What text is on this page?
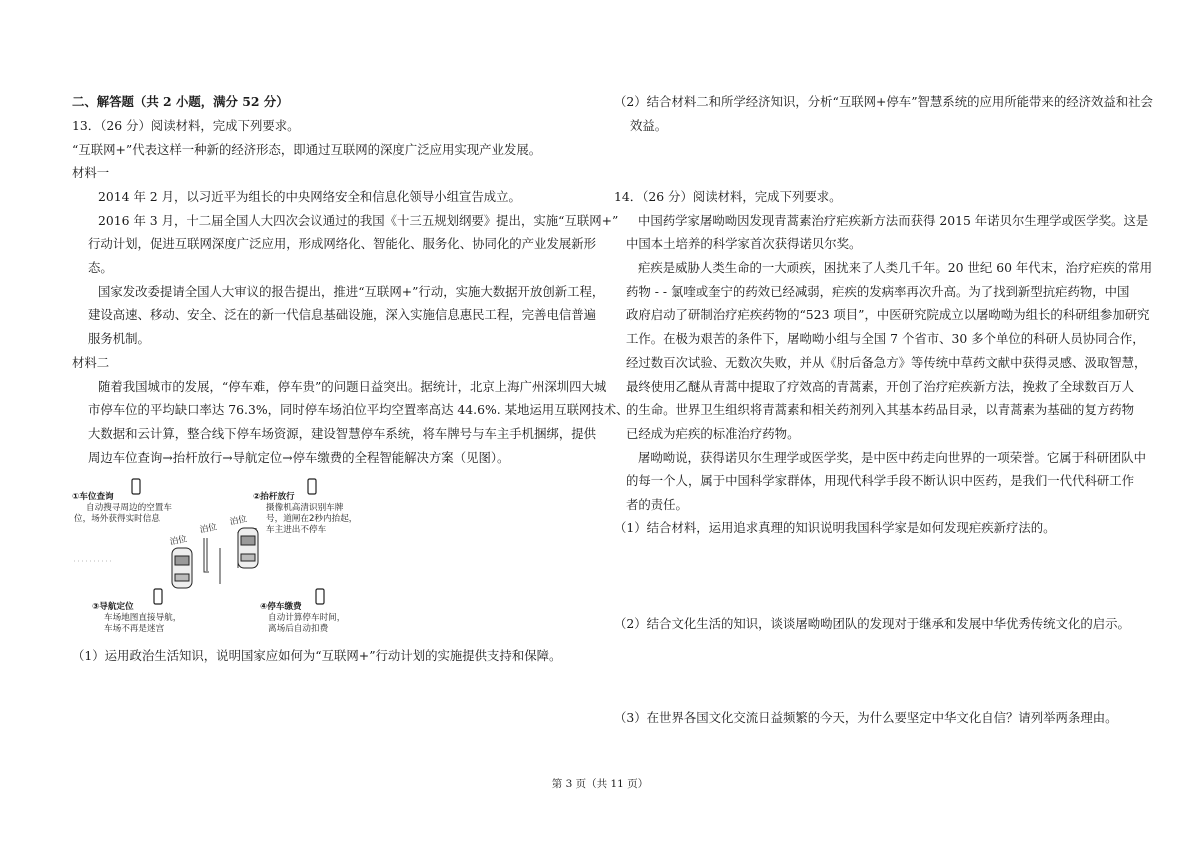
二、解答题（共 2 小题，满分 52 分）
13．（26 分）阅读材料，完成下列要求。
“互联网+”代表这样一种新的经济形态，即通过互联网的深度广泛应用实现产业发展。
材料一
2014 年 2 月，以习近平为组长的中央网络安全和信息化领导小组宣告成立。
2016 年 3 月，十二届全国人大四次会议通过的我国《十三五规划纲要》提出，实施“互联网+”
行动计划，促进互联网深度广泛应用，形成网络化、智能化、服务化、协同化的产业发展新形
态。
国家发改委提请全国人大审议的报告提出，推进“互联网+”行动，实施大数据开放创新工程，
建设高速、移动、安全、泛在的新一代信息基础设施，深入实施信息惠民工程，完善电信普遍
服务机制。
材料二
随着我国城市的发展，“停车难，停车贵”的问题日益突出。据统计，北京上海广州深圳四大城
市停车位的平均缺口率达 76.3%，同时停车场泊位平均空置率高达 44.6%. 某地运用互联网技术、
大数据和云计算，整合线下停车场资源，建设智慧停车系统，将车牌号与车主手机捆绑，提供
周边车位查询→抬杆放行→导航定位→停车缴费的全程智能解决方案（见图）。
①车位查询
自动搜寻周边的空置车
位，场外获得实时信息
②抬杆放行
摄像机高清识别车牌
号，道闸在2秒内抬起，
车主进出不停车
泊位
泊位
泊位
③导航定位
车场地图直接导航，
车场不再是迷宫
④停车缴费
自动计算停车时间，
离场后自动扣费
（1）运用政治生活知识，说明国家应如何为“互联网+”行动计划的实施提供支持和保障。
（2）结合材料二和所学经济知识，分析“互联网+停车”智慧系统的应用所能带来的经济效益和社会
效益。
14．（26 分）阅读材料，完成下列要求。
中国药学家屠呦呦因发现青蒿素治疗疟疾新方法而获得 2015 年诺贝尔生理学或医学奖。这是
中国本土培养的科学家首次获得诺贝尔奖。
疟疾是威胁人类生命的一大顽疾，困扰来了人类几千年。20 世纪 60 年代末，治疗疟疾的常用
药物 - - 氯喹或奎宁的药效已经减弱，疟疾的发病率再次升高。为了找到新型抗疟药物，中国
政府启动了研制治疗疟疾药物的“523 项目”，中医研究院成立以屠呦呦为组长的科研组参加研究
工作。在极为艰苦的条件下，屠呦呦小组与全国 7 个省市、30 多个单位的科研人员协同合作，
经过数百次试验、无数次失败，并从《肘后备急方》等传统中草药文献中获得灵感、汲取智慧，
最终使用乙醚从青蒿中提取了疗效高的青蒿素，开创了治疗疟疾新方法，挽救了全球数百万人
的生命。世界卫生组织将青蒿素和相关药剂列入其基本药品目录，以青蒿素为基础的复方药物
已经成为疟疾的标准治疗药物。
屠呦呦说，获得诺贝尔生理学或医学奖，是中医中药走向世界的一项荣誉。它属于科研团队中
的每一个人，属于中国科学家群体，用现代科学手段不断认识中医药，是我们一代代科研工作
者的责任。
（1）结合材料，运用追求真理的知识说明我国科学家是如何发现疟疾新疗法的。
（2）结合文化生活的知识，谈谈屠呦呦团队的发现对于继承和发展中华优秀传统文化的启示。
（3）在世界各国文化交流日益频繁的今天，为什么要坚定中华文化自信？请列举两条理由。
第 3 页（共 11 页）
